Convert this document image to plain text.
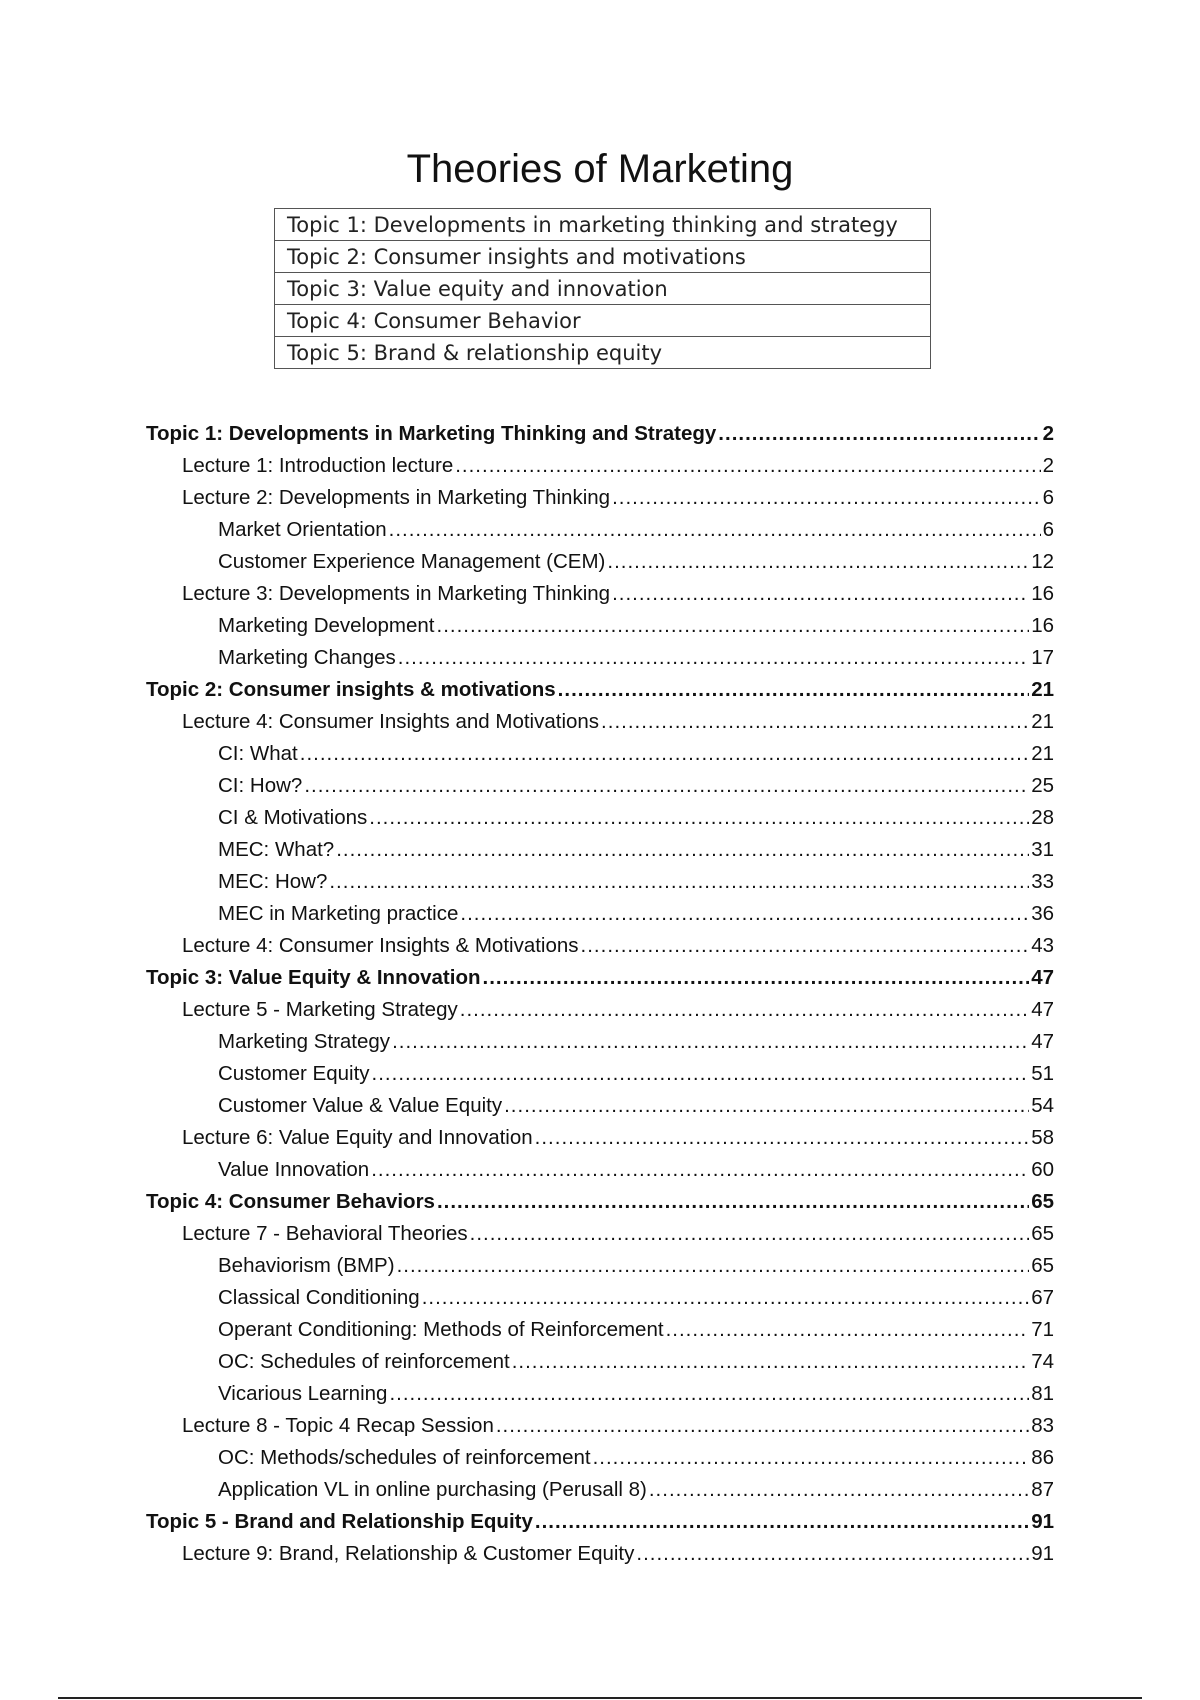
Theories of Marketing
Topic 1: Developments in marketing thinking and strategy
Topic 2: Consumer insights and motivations
Topic 3: Value equity and innovation
Topic 4: Consumer Behavior
Topic 5: Brand & relationship equity
Topic 1: Developments in Marketing Thinking and Strategy .....	2
Lecture 1: Introduction lecture .....	2
Lecture 2: Developments in Marketing Thinking .....	6
Market Orientation .....	6
Customer Experience Management (CEM) .....	12
Lecture 3: Developments in Marketing Thinking .....	16
Marketing Development .....	16
Marketing Changes .....	17
Topic 2: Consumer insights & motivations .....	21
Lecture 4: Consumer Insights and Motivations .....	21
CI: What .....	21
CI: How? .....	25
CI & Motivations .....	28
MEC: What? .....	31
MEC: How? .....	33
MEC in Marketing practice .....	36
Lecture 4: Consumer Insights & Motivations .....	43
Topic 3: Value Equity & Innovation .....	47
Lecture 5 - Marketing Strategy .....	47
Marketing Strategy .....	47
Customer Equity .....	51
Customer Value & Value Equity .....	54
Lecture 6: Value Equity and Innovation .....	58
Value Innovation .....	60
Topic 4: Consumer Behaviors .....	65
Lecture 7 - Behavioral Theories .....	65
Behaviorism (BMP) .....	65
Classical Conditioning .....	67
Operant Conditioning: Methods of Reinforcement .....	71
OC: Schedules of reinforcement .....	74
Vicarious Learning .....	81
Lecture 8 - Topic 4 Recap Session .....	83
OC: Methods/schedules of reinforcement .....	86
Application VL in online purchasing (Perusall 8) .....	87
Topic 5 - Brand and Relationship Equity .....	91
Lecture 9: Brand, Relationship & Customer Equity .....	91
